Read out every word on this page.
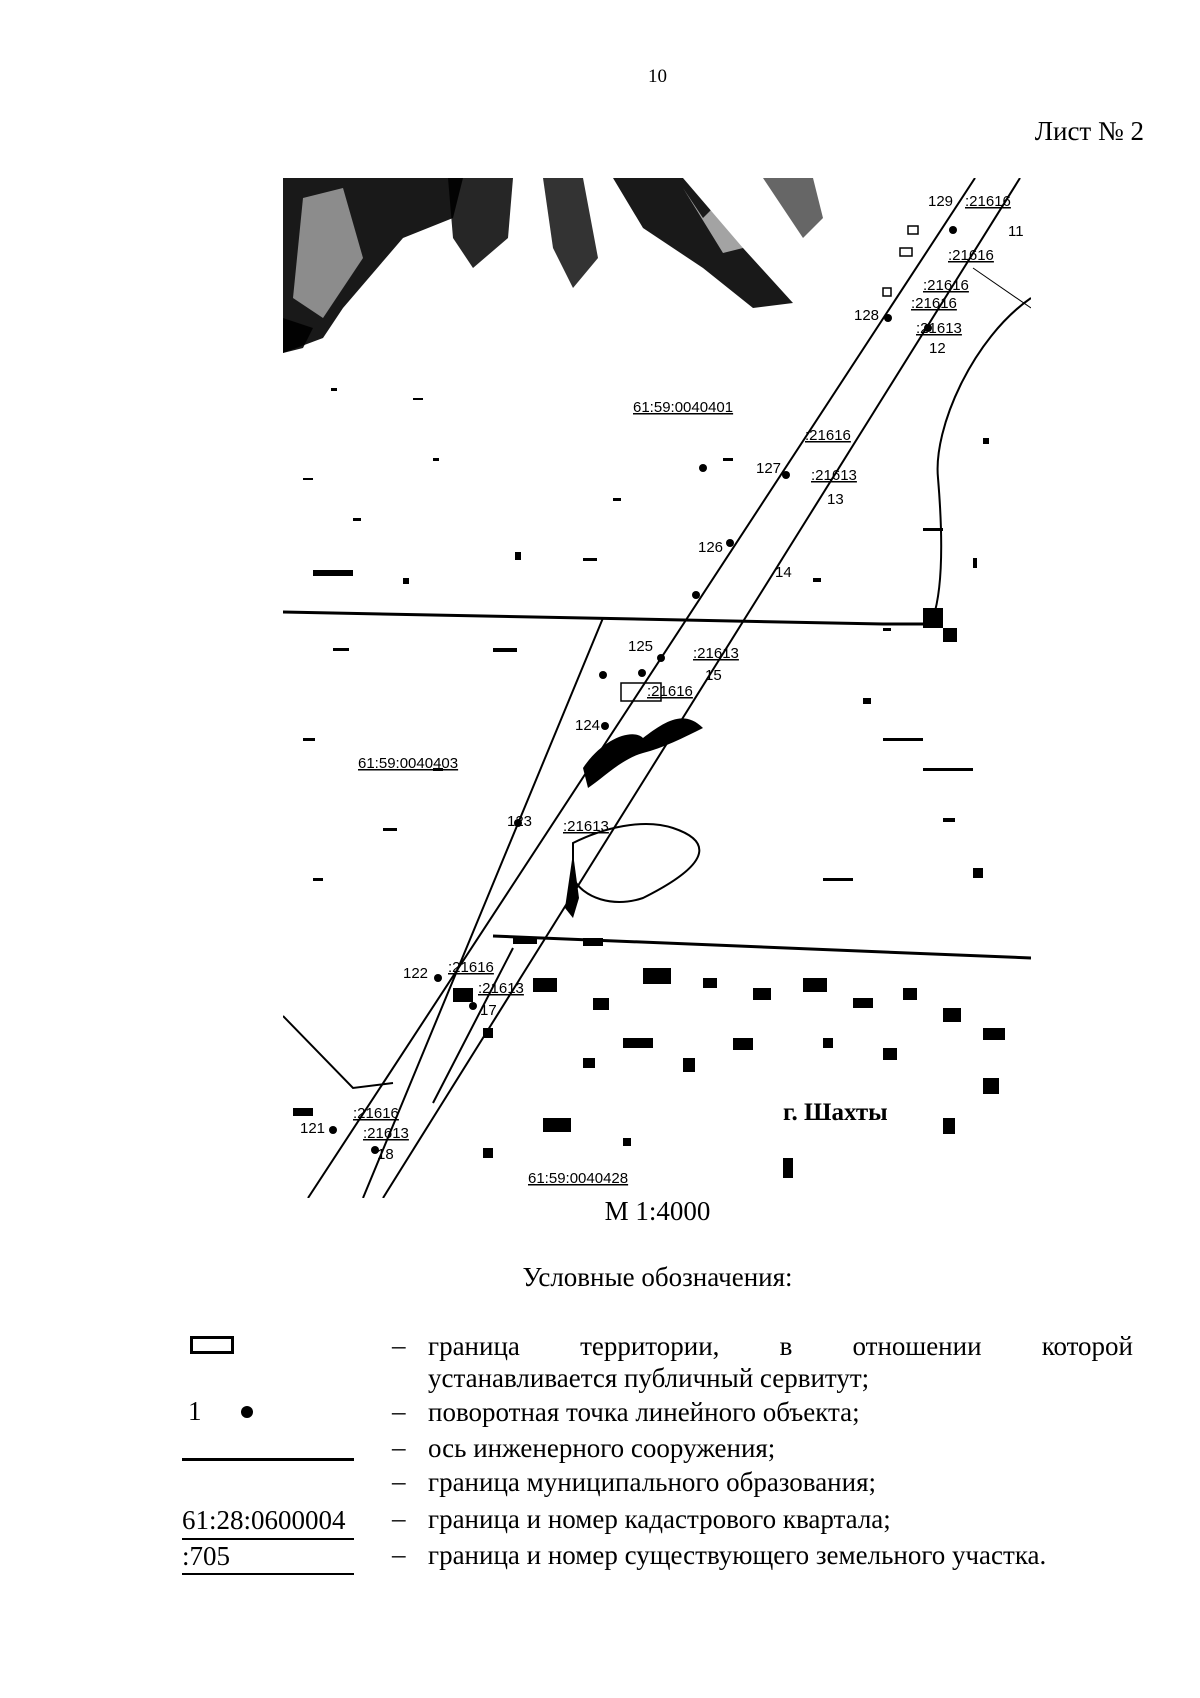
10
Лист № 2
61:59:0040401
61:59:0040403
61:59:0040428
:21616
:21616
:21616
:21616
:21613
:21616
:21613
:21613
:21616
:21613
:21616
:21613
:21616
:21613
129
11
128
12
127
13
126
14
125
15
124
123
122
17
121
18
г. Шахты
М 1:4000
Условные обозначения:
– граница территории, в отношении которой
устанавливается публичный сервитут;
1	– поворотная точка линейного объекта;
– ось инженерного сооружения;
– граница муниципального образования;
61:28:0600004 – граница и номер кадастрового квартала;
:705	– граница и номер существующего земельного участка.
